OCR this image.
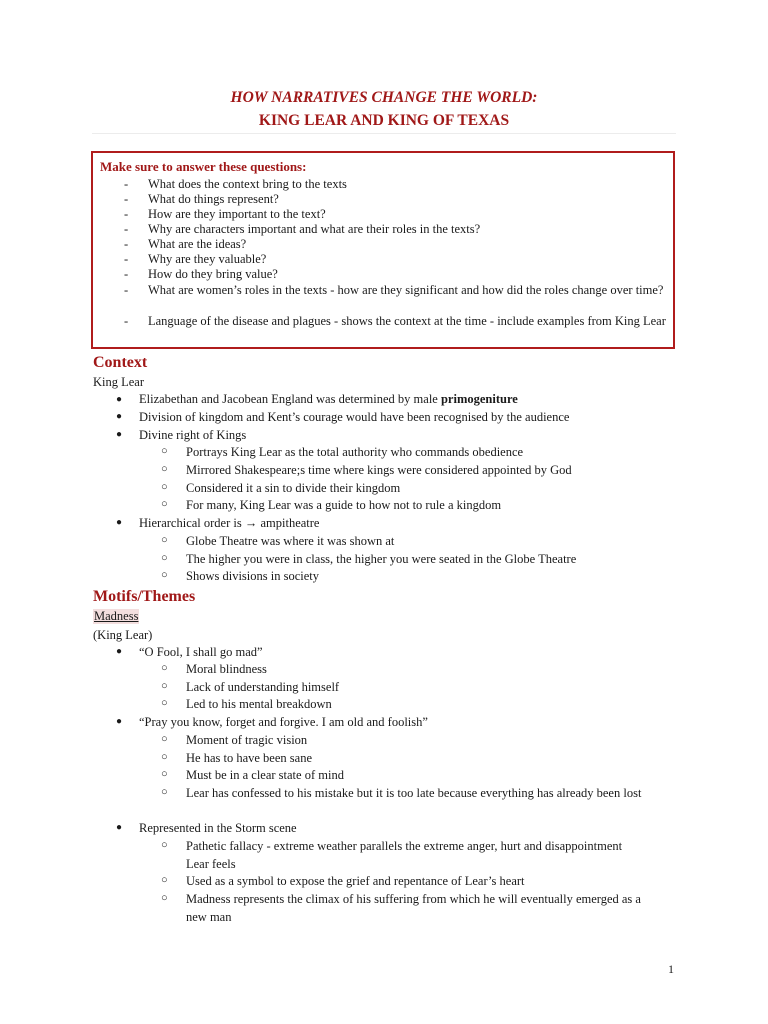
HOW NARRATIVES CHANGE THE WORLD:
KING LEAR AND KING OF TEXAS
Make sure to answer these questions:
- What does the context bring to the texts
- What do things represent?
- How are they important to the text?
- Why are characters important and what are their roles in the texts?
- What are the ideas?
- Why are they valuable?
- How do they bring value?
- What are women’s roles in the texts - how are they significant and how did the roles change over time?
- Language of the disease and plagues - shows the context at the time - include examples from King Lear
Context
King Lear
● Elizabethan and Jacobean England was determined by male primogeniture
● Division of kingdom and Kent’s courage would have been recognised by the audience
● Divine right of Kings
○ Portrays King Lear as the total authority who commands obedience
○ Mirrored Shakespeare;s time where kings were considered appointed by God
○ Considered it a sin to divide their kingdom
○ For many, King Lear was a guide to how not to rule a kingdom
● Hierarchical order is → ampitheatre
○ Globe Theatre was where it was shown at
○ The higher you were in class, the higher you were seated in the Globe Theatre
○ Shows divisions in society
Motifs/Themes
Madness
(King Lear)
● “O Fool, I shall go mad”
○ Moral blindness
○ Lack of understanding himself
○ Led to his mental breakdown
● “Pray you know, forget and forgive. I am old and foolish”
○ Moment of tragic vision
○ He has to have been sane
○ Must be in a clear state of mind
○ Lear has confessed to his mistake but it is too late because everything has already been lost
● Represented in the Storm scene
○ Pathetic fallacy - extreme weather parallels the extreme anger, hurt and disappointment Lear feels
○ Used as a symbol to expose the grief and repentance of Lear’s heart
○ Madness represents the climax of his suffering from which he will eventually emerged as a new man
1
